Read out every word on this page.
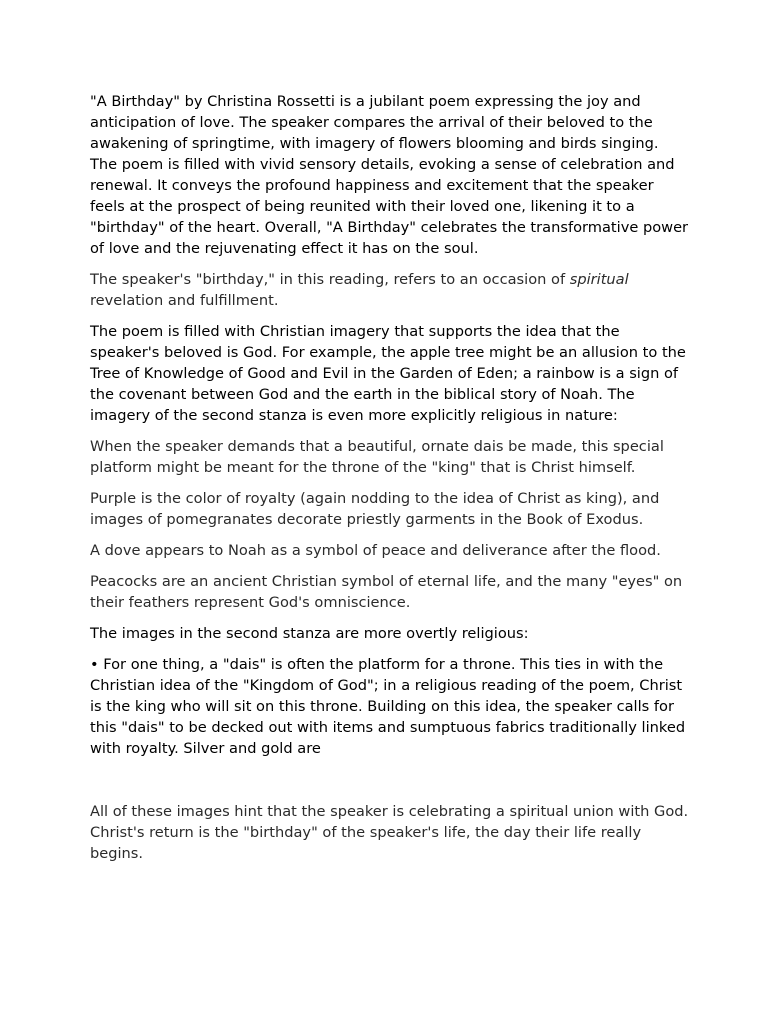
"A Birthday" by Christina Rossetti is a jubilant poem expressing the joy and anticipation of love. The speaker compares the arrival of their beloved to the awakening of springtime, with imagery of flowers blooming and birds singing. The poem is filled with vivid sensory details, evoking a sense of celebration and renewal. It conveys the profound happiness and excitement that the speaker feels at the prospect of being reunited with their loved one, likening it to a "birthday" of the heart. Overall, "A Birthday" celebrates the transformative power of love and the rejuvenating effect it has on the soul.

The speaker's "birthday," in this reading, refers to an occasion of spiritual revelation and fulfillment.

The poem is filled with Christian imagery that supports the idea that the speaker's beloved is God. For example, the apple tree might be an allusion to the Tree of Knowledge of Good and Evil in the Garden of Eden; a rainbow is a sign of the covenant between God and the earth in the biblical story of Noah. The imagery of the second stanza is even more explicitly religious in nature:

When the speaker demands that a beautiful, ornate dais be made, this special platform might be meant for the throne of the "king" that is Christ himself.

Purple is the color of royalty (again nodding to the idea of Christ as king), and images of pomegranates decorate priestly garments in the Book of Exodus.

A dove appears to Noah as a symbol of peace and deliverance after the flood.

Peacocks are an ancient Christian symbol of eternal life, and the many "eyes" on their feathers represent God's omniscience.

The images in the second stanza are more overtly religious:

• For one thing, a "dais" is often the platform for a throne. This ties in with the Christian idea of the "Kingdom of God"; in a religious reading of the poem, Christ is the king who will sit on this throne. Building on this idea, the speaker calls for this "dais" to be decked out with items and sumptuous fabrics traditionally linked with royalty. Silver and gold are

All of these images hint that the speaker is celebrating a spiritual union with God. Christ's return is the "birthday" of the speaker's life, the day their life really begins.
